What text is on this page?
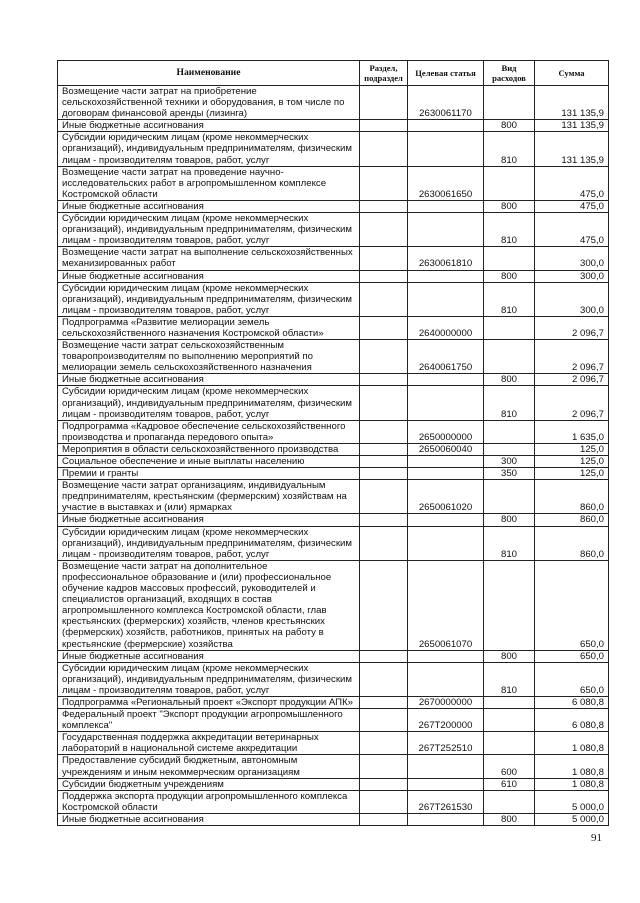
Наименование	Раздел, подраздел	Целевая статья	Вид расходов	Сумма
Возмещение части затрат на приобретение сельскохозяйственной техники и оборудования, в том числе по договорам финансовой аренды (лизинга)		2630061170		131 135,9
Иные бюджетные ассигнования			800	131 135,9
Субсидии юридическим лицам (кроме некоммерческих организаций), индивидуальным предпринимателям, физическим лицам - производителям товаров, работ, услуг			810	131 135,9
Возмещение части затрат на проведение научно-исследовательских работ в агропромышленном комплексе Костромской области		2630061650		475,0
Иные бюджетные ассигнования			800	475,0
Субсидии юридическим лицам (кроме некоммерческих организаций), индивидуальным предпринимателям, физическим лицам - производителям товаров, работ, услуг			810	475,0
Возмещение части затрат на выполнение сельскохозяйственных механизированных работ		2630061810		300,0
Иные бюджетные ассигнования			800	300,0
Субсидии юридическим лицам (кроме некоммерческих организаций), индивидуальным предпринимателям, физическим лицам - производителям товаров, работ, услуг			810	300,0
Подпрограмма «Развитие мелиорации земель сельскохозяйственного назначения Костромской области»		2640000000		2 096,7
Возмещение части затрат сельскохозяйственным товаропроизводителям по выполнению мероприятий по мелиорации земель сельскохозяйственного назначения		2640061750		2 096,7
Иные бюджетные ассигнования			800	2 096,7
Субсидии юридическим лицам (кроме некоммерческих организаций), индивидуальным предпринимателям, физическим лицам - производителям товаров, работ, услуг			810	2 096,7
Подпрограмма «Кадровое обеспечение сельскохозяйственного производства и пропаганда передового опыта»		2650000000		1 635,0
Мероприятия в области сельскохозяйственного производства		2650060040		125,0
Социальное обеспечение и иные выплаты населению			300	125,0
Премии и гранты			350	125,0
Возмещение части затрат организациям, индивидуальным предпринимателям, крестьянским (фермерским) хозяйствам на участие в выставках и (или) ярмарках		2650061020		860,0
Иные бюджетные ассигнования			800	860,0
Субсидии юридическим лицам (кроме некоммерческих организаций), индивидуальным предпринимателям, физическим лицам - производителям товаров, работ, услуг			810	860,0
Возмещение части затрат на дополнительное профессиональное образование и (или) профессиональное обучение кадров массовых профессий, руководителей и специалистов организаций, входящих в состав агропромышленного комплекса Костромской области, глав крестьянских (фермерских) хозяйств, членов крестьянских (фермерских) хозяйств, работников, принятых на работу в крестьянские (фермерские) хозяйства		2650061070		650,0
Иные бюджетные ассигнования			800	650,0
Субсидии юридическим лицам (кроме некоммерческих организаций), индивидуальным предпринимателям, физическим лицам - производителям товаров, работ, услуг			810	650,0
Подпрограмма «Региональный проект «Экспорт продукции АПК»		2670000000		6 080,8
Федеральный проект "Экспорт продукции агропромышленного комплекса"		267T200000		6 080,8
Государственная поддержка аккредитации ветеринарных лабораторий в национальной системе аккредитации		267T252510		1 080,8
Предоставление субсидий бюджетным, автономным учреждениям и иным некоммерческим организациям			600	1 080,8
Субсидии бюджетным учреждениям			610	1 080,8
Поддержка экспорта продукции агропромышленного комплекса Костромской области		267T261530		5 000,0
Иные бюджетные ассигнования			800	5 000,0
91
